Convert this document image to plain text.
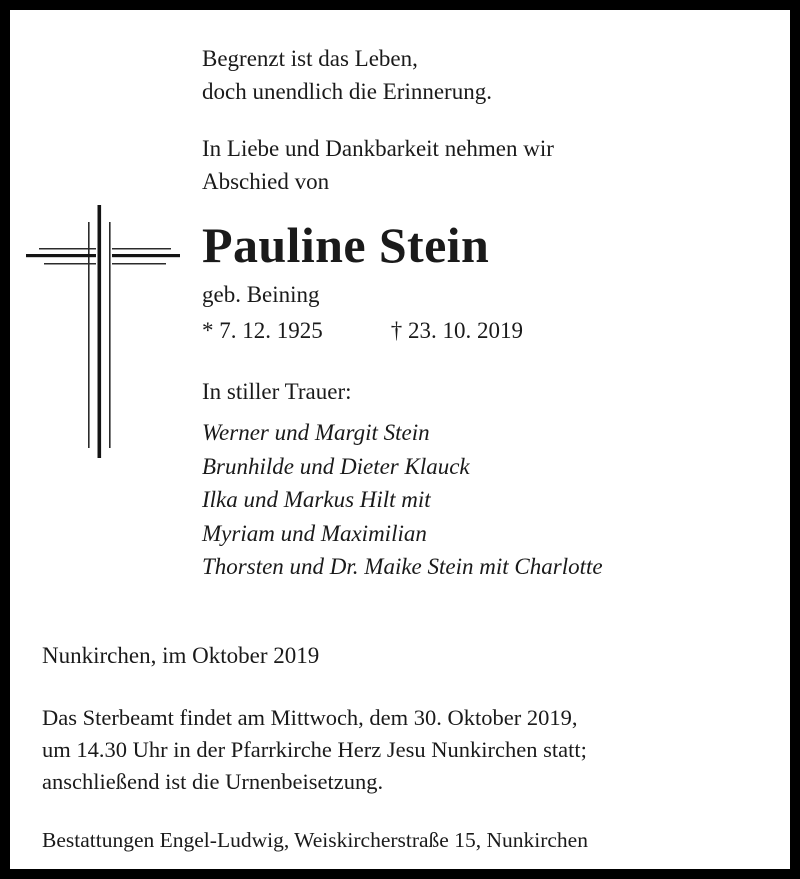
Begrenzt ist das Leben,
doch unendlich die Erinnerung.
In Liebe und Dankbarkeit nehmen wir
Abschied von
Pauline Stein
geb. Beining
* 7. 12. 1925	† 23. 10. 2019
In stiller Trauer:
Werner und Margit Stein
Brunhilde und Dieter Klauck
Ilka und Markus Hilt mit
Myriam und Maximilian
Thorsten und Dr. Maike Stein mit Charlotte
Nunkirchen, im Oktober 2019
Das Sterbeamt findet am Mittwoch, dem 30. Oktober 2019,
um 14.30 Uhr in der Pfarrkirche Herz Jesu Nunkirchen statt;
anschließend ist die Urnenbeisetzung.
Bestattungen Engel-Ludwig, Weiskircherstraße 15, Nunkirchen
